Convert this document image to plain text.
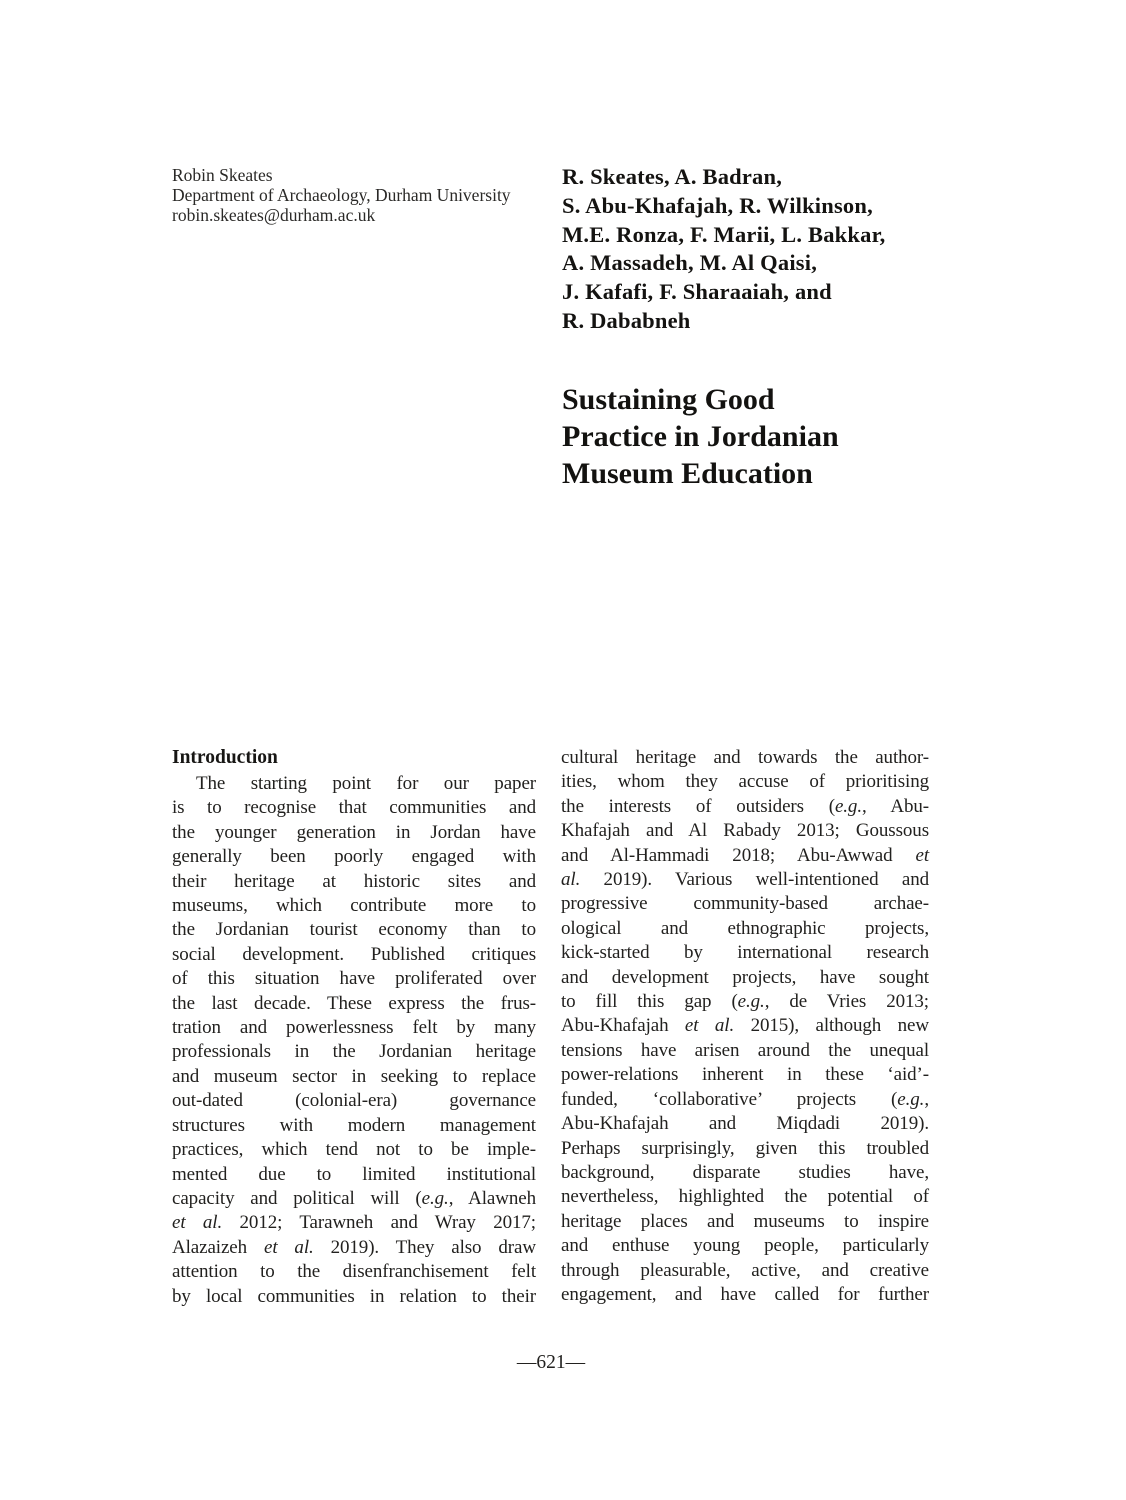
Robin Skeates
Department of Archaeology, Durham University
robin.skeates@durham.ac.uk
R. Skeates, A. Badran,
S. Abu-Khafajah, R. Wilkinson,
M.E. Ronza, F. Marii, L. Bakkar,
A. Massadeh, M. Al Qaisi,
J. Kafafi, F. Sharaaiah, and
R. Dababneh
Sustaining Good
Practice in Jordanian
Museum Education
Introduction
The starting point for our paper
is to recognise that communities and
the younger generation in Jordan have
generally been poorly engaged with
their heritage at historic sites and
museums, which contribute more to
the Jordanian tourist economy than to
social development. Published critiques
of this situation have proliferated over
the last decade. These express the frus-
tration and powerlessness felt by many
professionals in the Jordanian heritage
and museum sector in seeking to replace
out-dated (colonial-era) governance
structures with modern management
practices, which tend not to be imple-
mented due to limited institutional
capacity and political will (e.g., Alawneh
et al. 2012; Tarawneh and Wray 2017;
Alazaizeh et al. 2019). They also draw
attention to the disenfranchisement felt
by local communities in relation to their
cultural heritage and towards the author-
ities, whom they accuse of prioritising
the interests of outsiders (e.g., Abu-
Khafajah and Al Rabady 2013; Goussous
and Al-Hammadi 2018; Abu-Awwad et
al. 2019). Various well-intentioned and
progressive community-based archae-
ological and ethnographic projects,
kick-started by international research
and development projects, have sought
to fill this gap (e.g., de Vries 2013;
Abu-Khafajah et al. 2015), although new
tensions have arisen around the unequal
power-relations inherent in these ‘aid’-
funded, ‘collaborative’ projects (e.g.,
Abu-Khafajah and Miqdadi 2019).
Perhaps surprisingly, given this troubled
background, disparate studies have,
nevertheless, highlighted the potential of
heritage places and museums to inspire
and enthuse young people, particularly
through pleasurable, active, and creative
engagement, and have called for further
—621—
